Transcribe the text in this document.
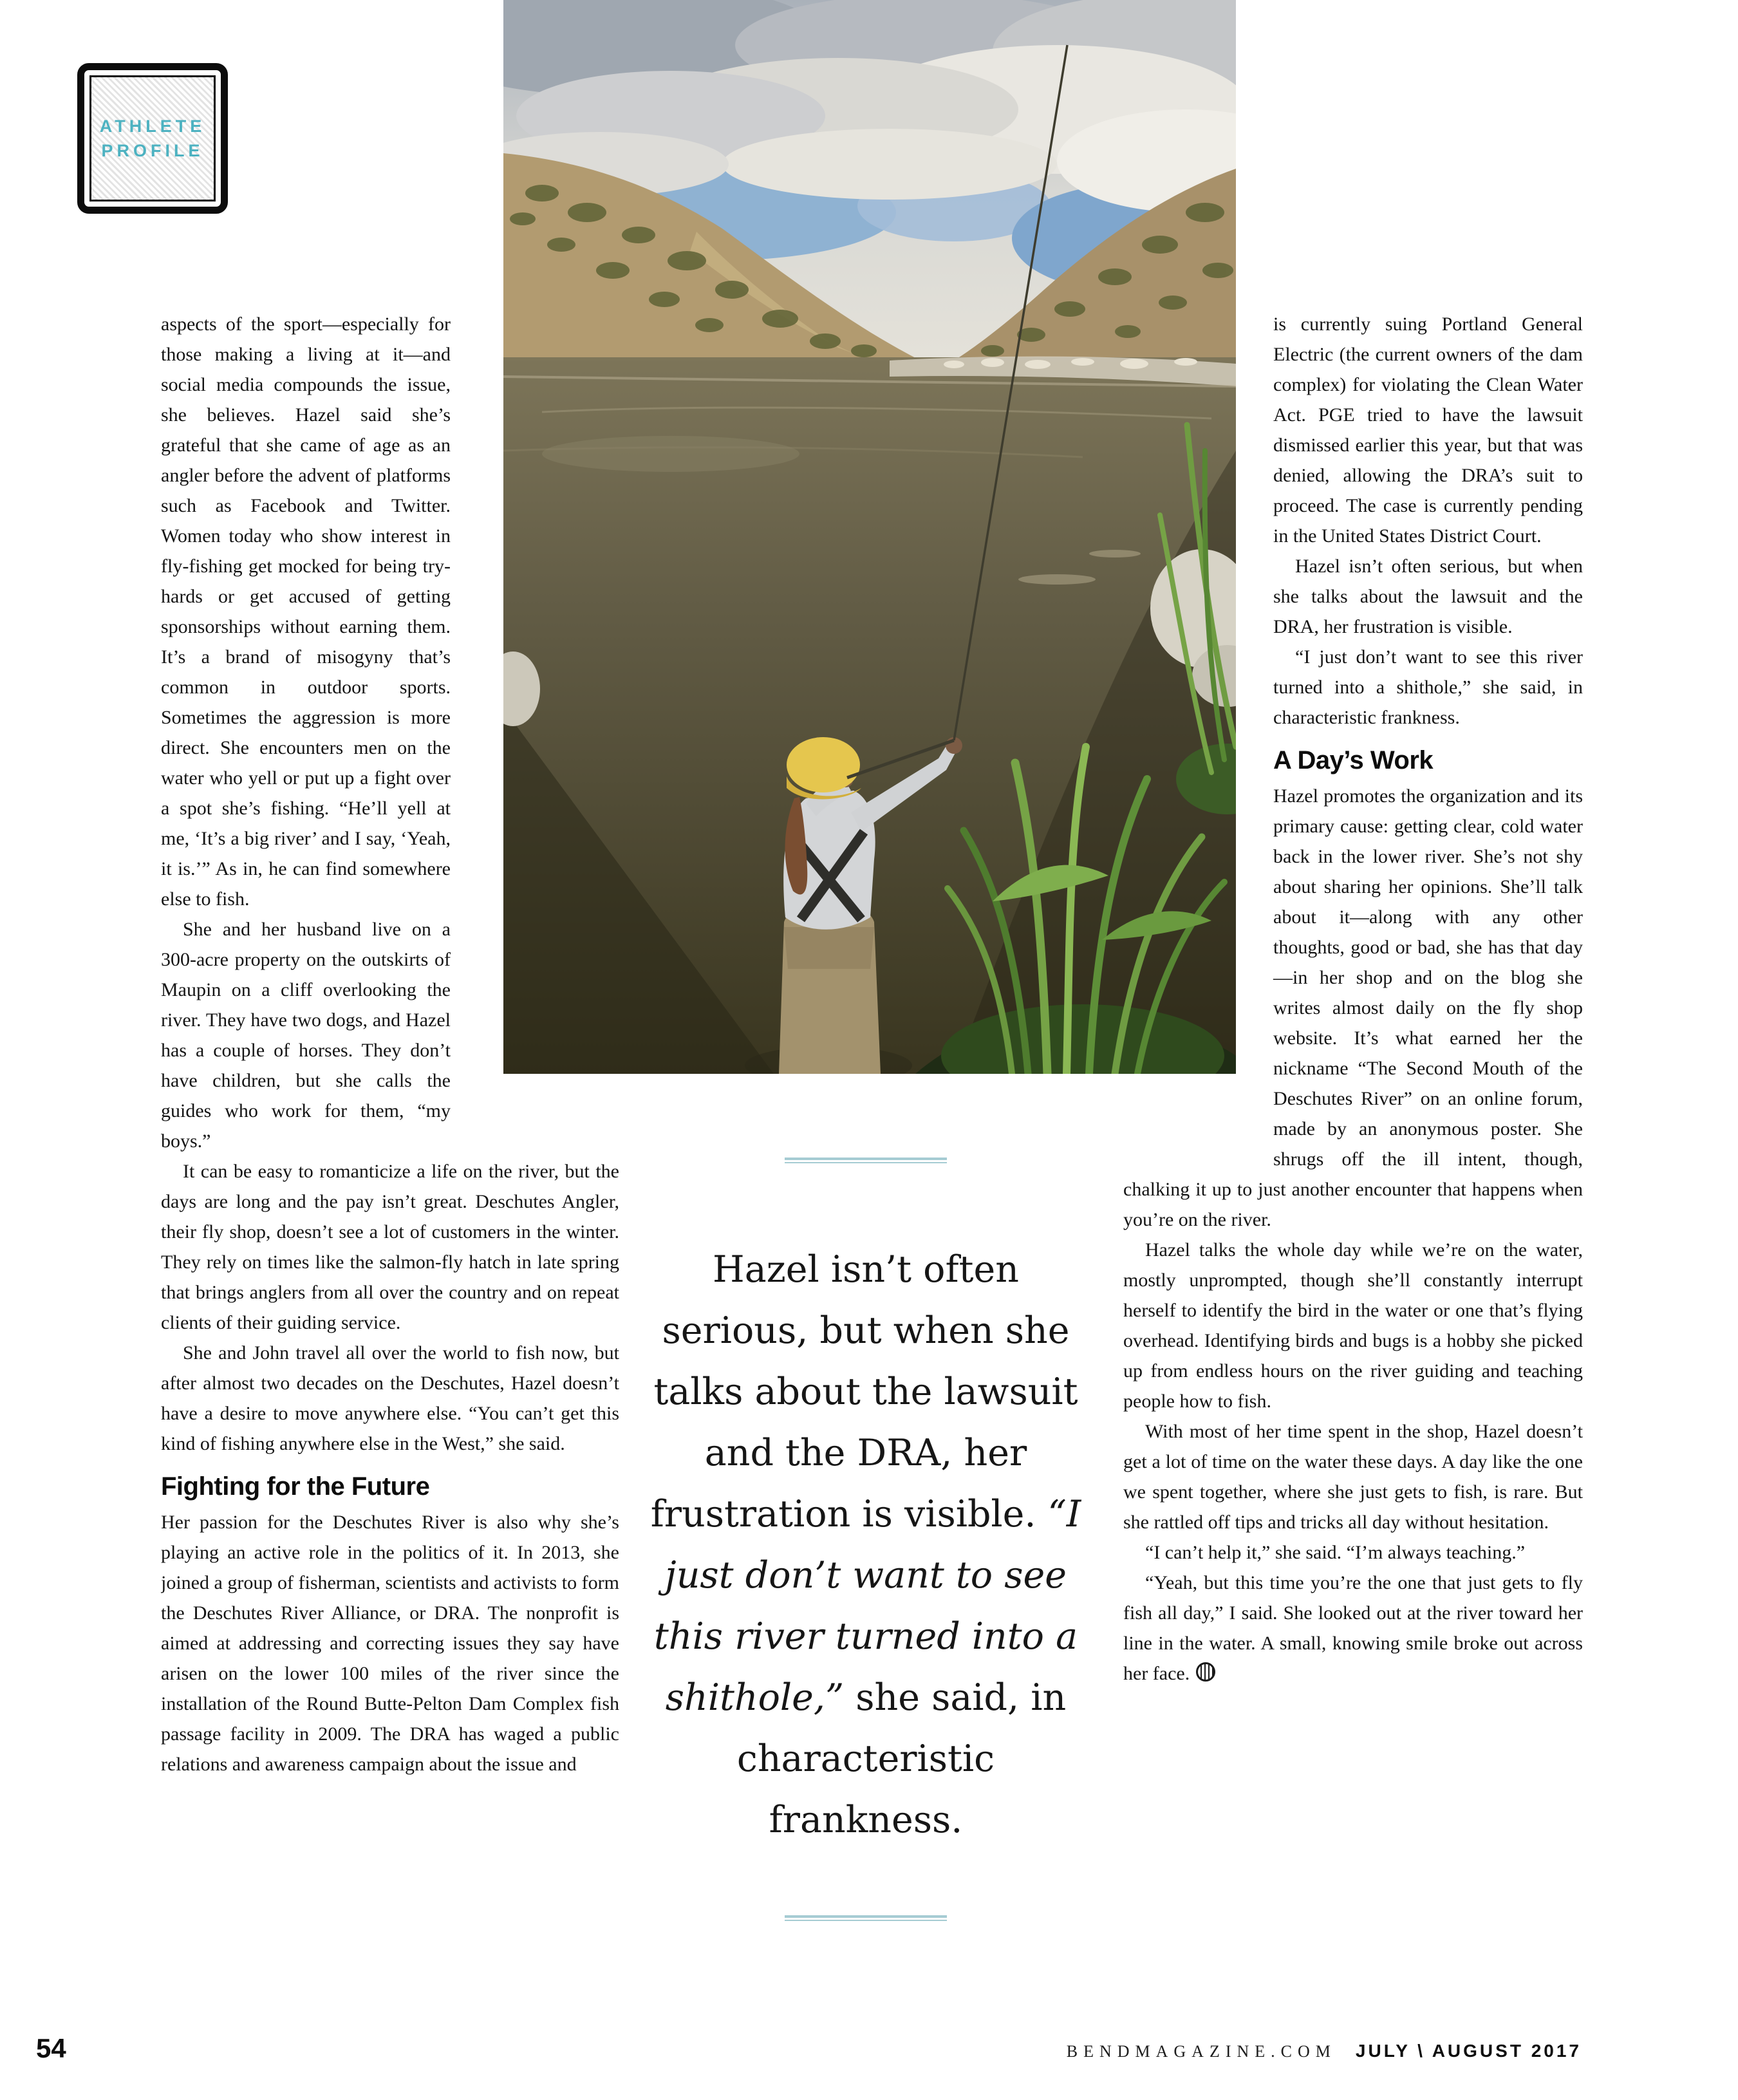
ATHLETE
PROFILE

aspects of the sport—especially for those making a living at it—and social media compounds the issue, she believes. Hazel said she’s grateful that she came of age as an angler before the advent of platforms such as Facebook and Twitter. Women today who show interest in fly-fishing get mocked for being try-hards or get accused of getting sponsorships without earning them. It’s a brand of misogyny that’s common in outdoor sports. Sometimes the aggression is more direct. She encounters men on the water who yell or put up a fight over a spot she’s fishing. “He’ll yell at me, ‘It’s a big river’ and I say, ‘Yeah, it is.’” As in, he can find somewhere else to fish.

She and her husband live on a 300-acre property on the outskirts of Maupin on a cliff overlooking the river. They have two dogs, and Hazel has a couple of horses. They don’t have children, but she calls the guides who work for them, “my boys.”

It can be easy to romanticize a life on the river, but the days are long and the pay isn’t great. Deschutes Angler, their fly shop, doesn’t see a lot of customers in the winter. They rely on times like the salmon-fly hatch in late spring that brings anglers from all over the country and on repeat clients of their guiding service.

She and John travel all over the world to fish now, but after almost two decades on the Deschutes, Hazel doesn’t have a desire to move anywhere else. “You can’t get this kind of fishing anywhere else in the West,” she said.

Fighting for the Future

Her passion for the Deschutes River is also why she’s playing an active role in the politics of it. In 2013, she joined a group of fisherman, scientists and activists to form the Deschutes River Alliance, or DRA. The nonprofit is aimed at addressing and correcting issues they say have arisen on the lower 100 miles of the river since the installation of the Round Butte-Pelton Dam Complex fish passage facility in 2009. The DRA has waged a public relations and awareness campaign about the issue and

Hazel isn’t often serious, but when she talks about the lawsuit and the DRA, her frustration is visible. “I just don’t want to see this river turned into a shithole,” she said, in characteristic frankness.

is currently suing Portland General Electric (the current owners of the dam complex) for violating the Clean Water Act. PGE tried to have the lawsuit dismissed earlier this year, but that was denied, allowing the DRA’s suit to proceed. The case is currently pending in the United States District Court.

Hazel isn’t often serious, but when she talks about the lawsuit and the DRA, her frustration is visible.

“I just don’t want to see this river turned into a shithole,” she said, in characteristic frankness.

A Day’s Work

Hazel promotes the organization and its primary cause: getting clear, cold water back in the lower river. She’s not shy about sharing her opinions. She’ll talk about it—along with any other thoughts, good or bad, she has that day—in her shop and on the blog she writes almost daily on the fly shop website. It’s what earned her the nickname “The Second Mouth of the Deschutes River” on an online forum, made by an anonymous poster. She shrugs off the ill intent, though, chalking it up to just another encounter that happens when you’re on the river.

Hazel talks the whole day while we’re on the water, mostly unprompted, though she’ll constantly interrupt herself to identify the bird in the water or one that’s flying overhead. Identifying birds and bugs is a hobby she picked up from endless hours on the river guiding and teaching people how to fish.

With most of her time spent in the shop, Hazel doesn’t get a lot of time on the water these days. A day like the one we spent together, where she just gets to fish, is rare. But she rattled off tips and tricks all day without hesitation.

“I can’t help it,” she said. “I’m always teaching.”

“Yeah, but this time you’re the one that just gets to fly fish all day,” I said. She looked out at the river toward her line in the water. A small, knowing smile broke out across her face.

54	BENDMAGAZINE.COM JULY \ AUGUST 2017
